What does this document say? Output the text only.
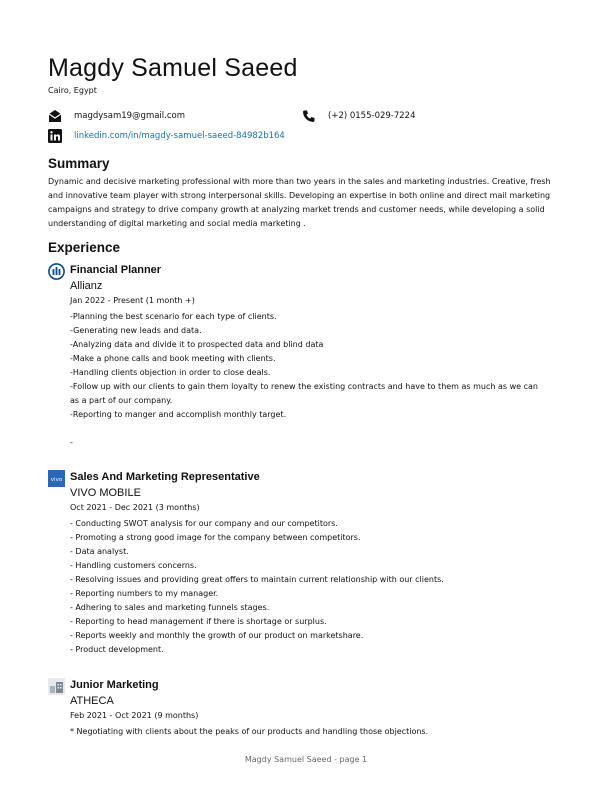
Magdy Samuel Saeed
Cairo, Egypt
magdysam19@gmail.com	(+2) 0155-029-7224
linkedin.com/in/magdy-samuel-saeed-84982b164
Summary
Dynamic and decisive marketing professional with more than two years in the sales and marketing industries. Creative, fresh and innovative team player with strong interpersonal skills. Developing an expertise in both online and direct mail marketing campaigns and strategy to drive company growth at analyzing market trends and customer needs, while developing a solid understanding of digital marketing and social media marketing .
Experience
Financial Planner
Allianz
Jan 2022 - Present (1 month +)
-Planning the best scenario for each type of clients.
-Generating new leads and data.
-Analyzing data and divide it to prospected data and blind data
-Make a phone calls and book meeting with clients.
-Handling clients objection in order to close deals.
-Follow up with our clients to gain them loyalty to renew the existing contracts and have to them as much as we can as a part of our company.
-Reporting to manger and accomplish monthly target.
-
vivo Sales And Marketing Representative
VIVO MOBILE
Oct 2021 - Dec 2021 (3 months)
- Conducting SWOT analysis for our company and our competitors.
- Promoting a strong good image for the company between competitors.
- Data analyst.
- Handling customers concerns.
- Resolving issues and providing great offers to maintain current relationship with our clients.
- Reporting numbers to my manager.
- Adhering to sales and marketing funnels stages.
- Reporting to head management if there is shortage or surplus.
- Reports weekly and monthly the growth of our product on marketshare.
- Product development.
Junior Marketing
ATHECA
Feb 2021 - Oct 2021 (9 months)
* Negotiating with clients about the peaks of our products and handling those objections.
Magdy Samuel Saeed - page 1
